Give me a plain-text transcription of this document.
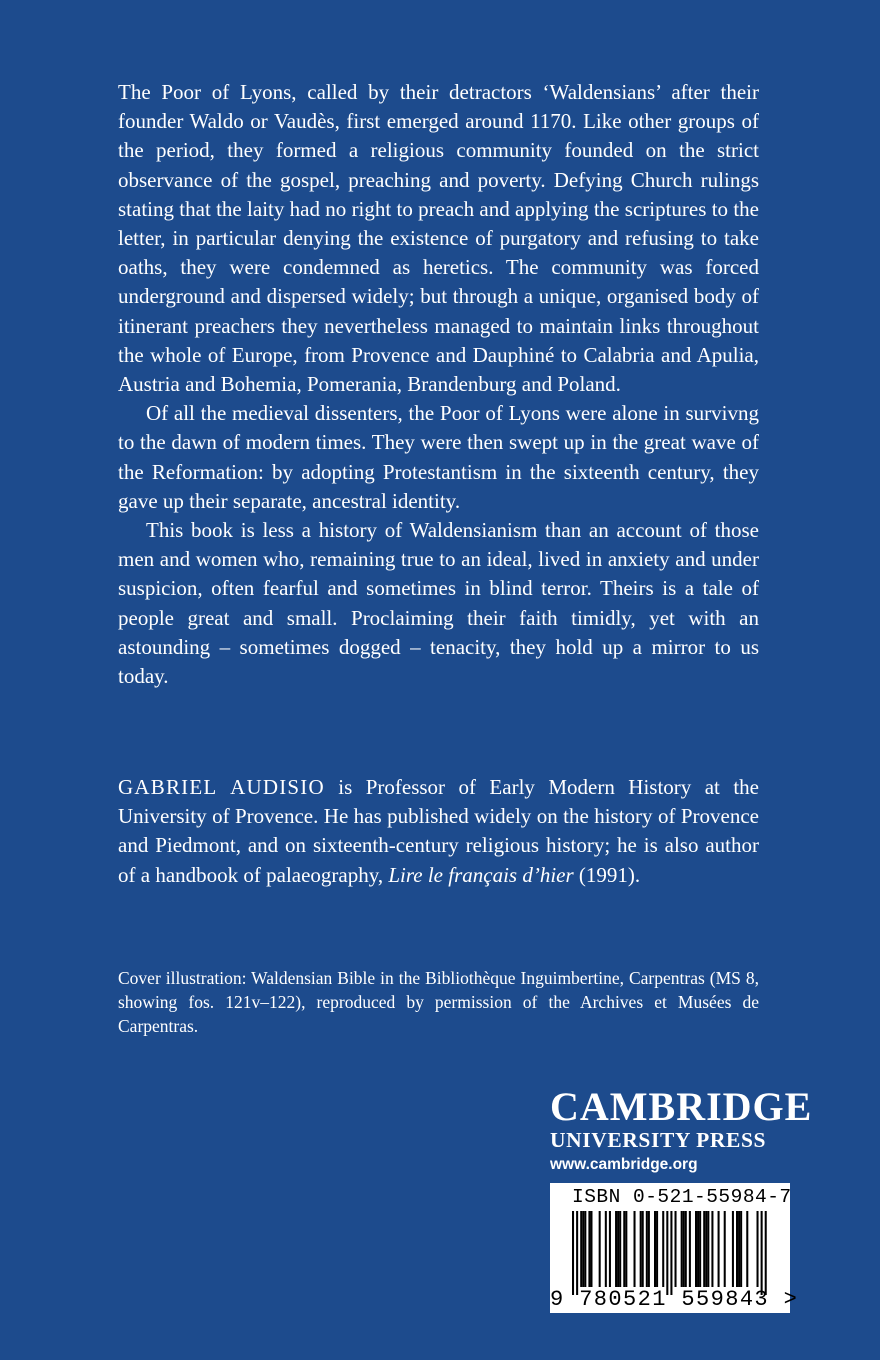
The Poor of Lyons, called by their detractors ‘Waldensians’ after their founder Waldo or Vaudès, first emerged around 1170. Like other groups of the period, they formed a religious community founded on the strict observance of the gospel, preaching and poverty. Defying Church rulings stating that the laity had no right to preach and applying the scriptures to the letter, in particular denying the existence of purgatory and refusing to take oaths, they were condemned as heretics. The community was forced underground and dispersed widely; but through a unique, organised body of itinerant preachers they nevertheless managed to maintain links throughout the whole of Europe, from Provence and Dauphiné to Calabria and Apulia, Austria and Bohemia, Pomerania, Brandenburg and Poland.

Of all the medieval dissenters, the Poor of Lyons were alone in survivng to the dawn of modern times. They were then swept up in the great wave of the Reformation: by adopting Protestantism in the sixteenth century, they gave up their separate, ancestral identity.

This book is less a history of Waldensianism than an account of those men and women who, remaining true to an ideal, lived in anxiety and under suspicion, often fearful and sometimes in blind terror. Theirs is a tale of people great and small. Proclaiming their faith timidly, yet with an astounding – sometimes dogged – tenacity, they hold up a mirror to us today.

GABRIEL AUDISIO is Professor of Early Modern History at the University of Provence. He has published widely on the history of Provence and Piedmont, and on sixteenth-century religious history; he is also author of a handbook of palaeography, Lire le français d’hier (1991).

Cover illustration: Waldensian Bible in the Bibliothèque Inguimbertine, Carpentras (MS 8, showing fos. 121v–122), reproduced by permission of the Archives et Musées de Carpentras.

CAMBRIDGE
UNIVERSITY PRESS
www.cambridge.org
ISBN 0-521-55984-7
9 780521 559843 >
